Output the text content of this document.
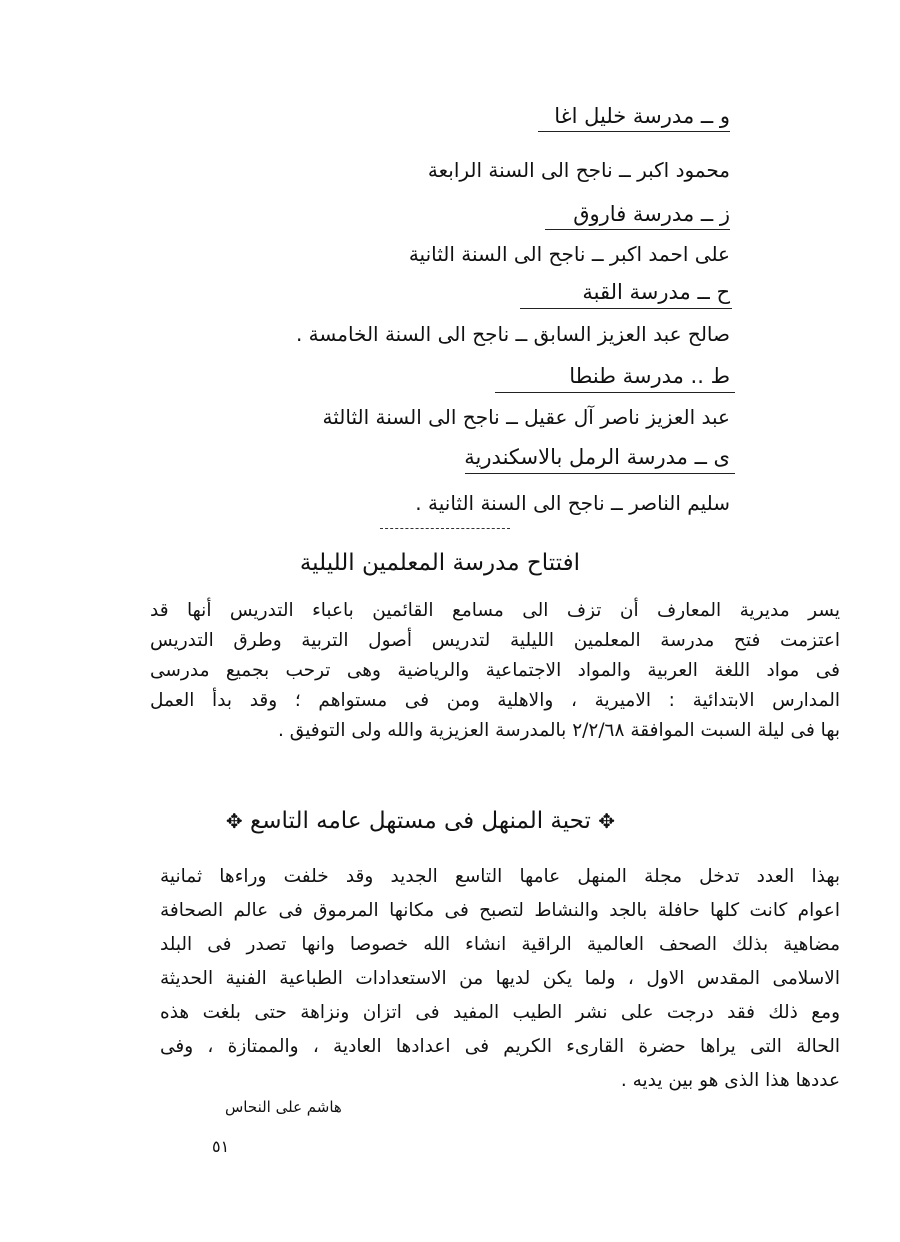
و ــ مدرسة خليل اغا
محمود اكبر ــ ناجح الى السنة الرابعة
ز ــ مدرسة فاروق
على احمد اكبر ــ ناجح الى السنة الثانية
ح ــ مدرسة القبة
صالح عبد العزيز السابق ــ ناجح الى السنة الخامسة .
ط .. مدرسة طنطا
عبد العزيز ناصر آل عقيل ــ ناجح الى السنة الثالثة
ى ــ مدرسة الرمل بالاسكندرية
سليم الناصر ــ ناجح الى السنة الثانية .
افتتاح مدرسة المعلمين الليلية
يسر مديرية المعارف أن تزف الى مسامع القائمين باعباء التدريس أنها قد
اعتزمت فتح مدرسة المعلمين الليلية لتدريس أصول التربية وطرق التدريس
فى مواد اللغة العربية والمواد الاجتماعية والرياضية وهى ترحب بجميع مدرسى
المدارس الابتدائية : الاميرية ، والاهلية ومن فى مستواهم ؛ وقد بدأ العمل
بها فى ليلة السبت الموافقة ٢/٢/٦٨ بالمدرسة العزيزية والله ولى التوفيق .
✥ تحية المنهل فى مستهل عامه التاسع ✥
بهذا العدد تدخل مجلة المنهل عامها التاسع الجديد وقد خلفت وراءها ثمانية
اعوام كانت كلها حافلة بالجد والنشاط لتصبح فى مكانها المرموق فى عالم الصحافة
مضاهية بذلك الصحف العالمية الراقية انشاء الله خصوصا وانها تصدر فى البلد
الاسلامى المقدس الاول ، ولما يكن لديها من الاستعدادات الطباعية الفنية الحديثة
ومع ذلك فقد درجت على نشر الطيب المفيد فى اتزان ونزاهة حتى بلغت هذه
الحالة التى يراها حضرة القارىء الكريم فى اعدادها العادية ، والممتازة ، وفى
عددها هذا الذى هو بين يديه .
هاشم على النحاس
٥١
